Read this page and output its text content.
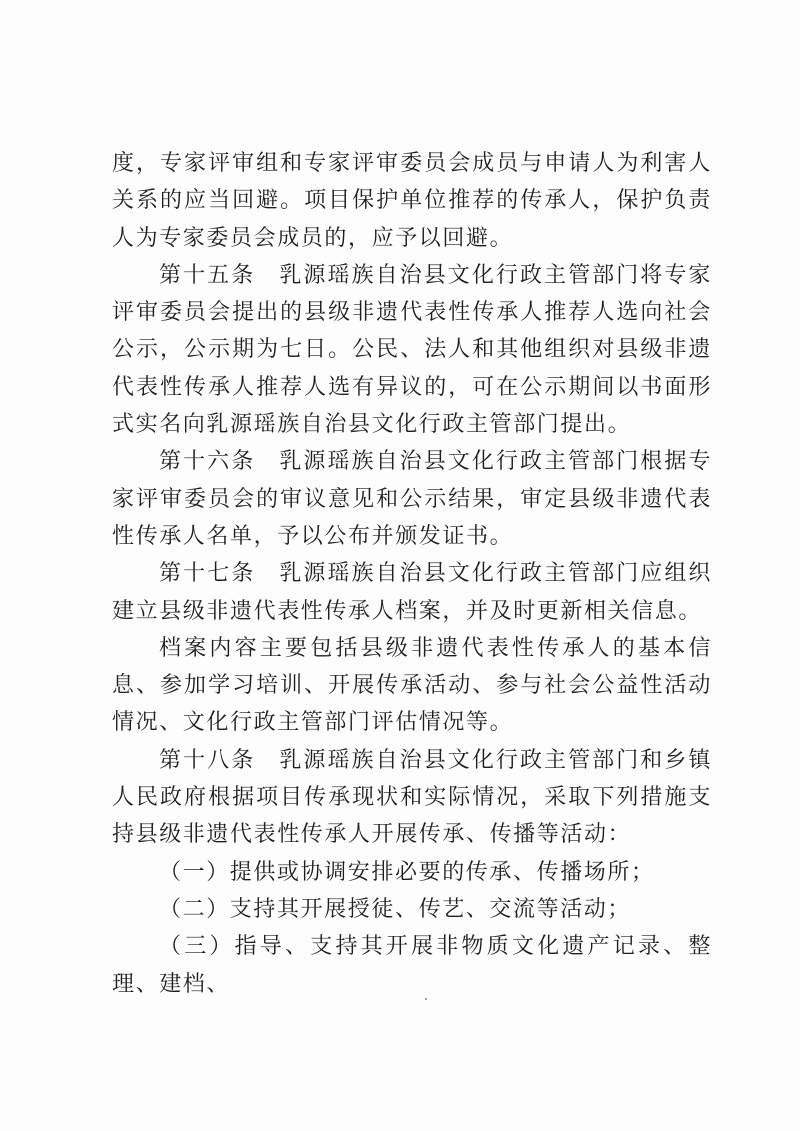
度，专家评审组和专家评审委员会成员与申请人为利害人关系的应当回避。项目保护单位推荐的传承人，保护负责人为专家委员会成员的，应予以回避。

第十五条　乳源瑶族自治县文化行政主管部门将专家评审委员会提出的县级非遗代表性传承人推荐人选向社会公示，公示期为七日。公民、法人和其他组织对县级非遗代表性传承人推荐人选有异议的，可在公示期间以书面形式实名向乳源瑶族自治县文化行政主管部门提出。

第十六条　乳源瑶族自治县文化行政主管部门根据专家评审委员会的审议意见和公示结果，审定县级非遗代表性传承人名单，予以公布并颁发证书。

第十七条　乳源瑶族自治县文化行政主管部门应组织建立县级非遗代表性传承人档案，并及时更新相关信息。

档案内容主要包括县级非遗代表性传承人的基本信息、参加学习培训、开展传承活动、参与社会公益性活动情况、文化行政主管部门评估情况等。

第十八条　乳源瑶族自治县文化行政主管部门和乡镇人民政府根据项目传承现状和实际情况，采取下列措施支持县级非遗代表性传承人开展传承、传播等活动：

（一）提供或协调安排必要的传承、传播场所；

（二）支持其开展授徒、传艺、交流等活动；

（三）指导、支持其开展非物质文化遗产记录、整理、建档、
